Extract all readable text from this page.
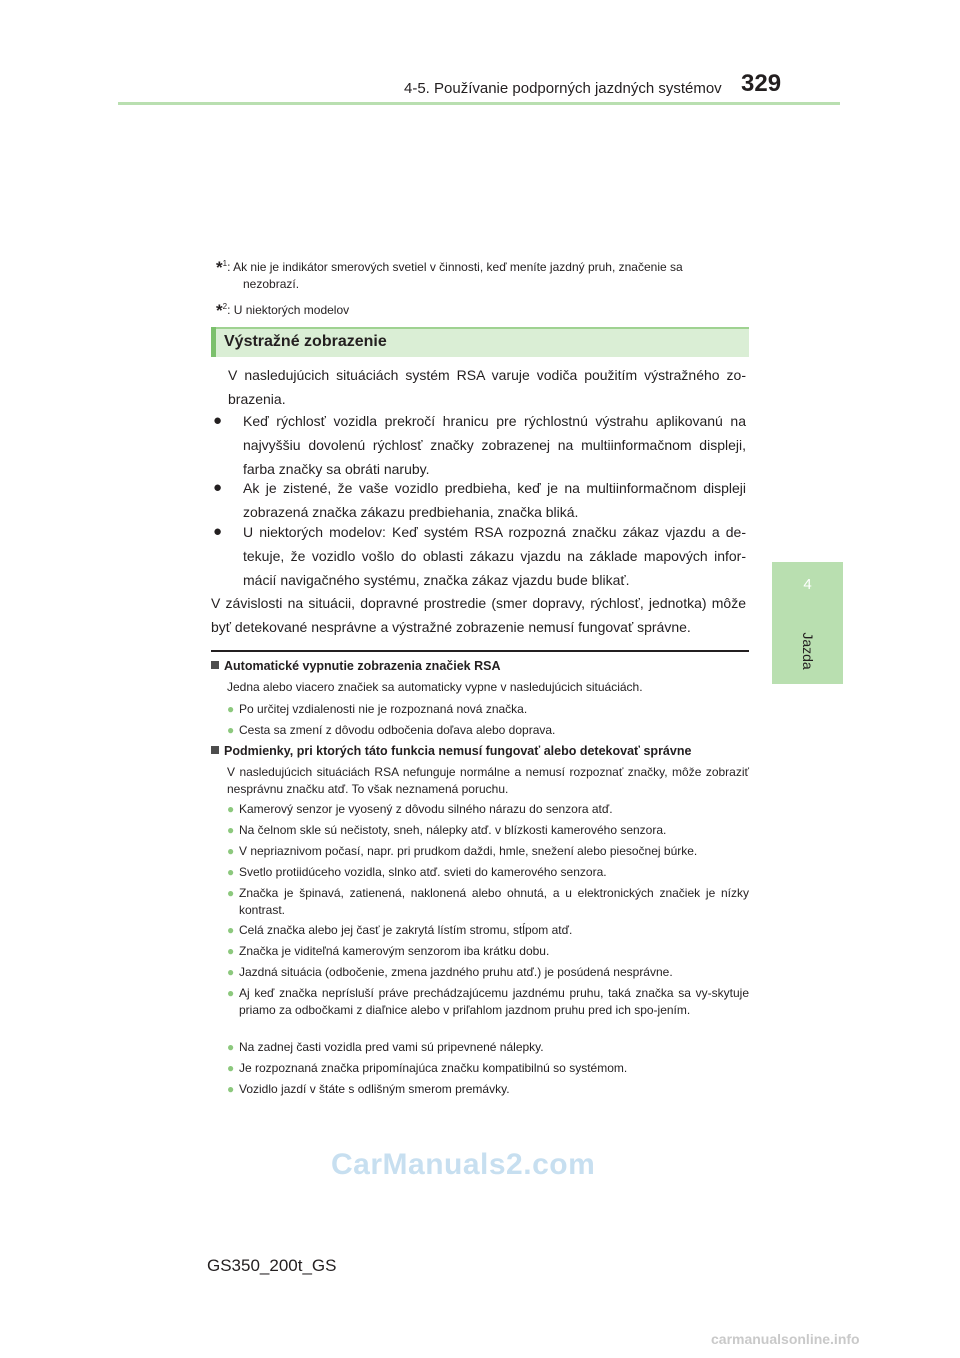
4-5. Používanie podporných jazdných systémov 329
4
Jazda
*$^1$: Ak nie je indikátor smerových svetiel v činnosti, keď meníte jazdný pruh, značenie sa
nezobrazí.
*$^2$: U niektorých modelov
Výstražné zobrazenie
V nasledujúcich situáciách systém RSA varuje vodiča použitím výstražného zo-brazenia.
● Keď rýchlosť vozidla prekročí hranicu pre rýchlostnú výstrahu aplikovanú na najvyššiu dovolenú rýchlosť značky zobrazenej na multiinformačnom displeji, farba značky sa obráti naruby.
● Ak je zistené, že vaše vozidlo predbieha, keď je na multiinformačnom displeji zobrazená značka zákazu predbiehania, značka bliká.
● U niektorých modelov: Keď systém RSA rozpozná značku zákaz vjazdu a de-tekuje, že vozidlo vošlo do oblasti zákazu vjazdu na základe mapových infor-mácií navigačného systému, značka zákaz vjazdu bude blikať.
V závislosti na situácii, dopravné prostredie (smer dopravy, rýchlosť, jednotka) môže byť detekované nesprávne a výstražné zobrazenie nemusí fungovať správne.
Automatické vypnutie zobrazenia značiek RSA
Jedna alebo viacero značiek sa automaticky vypne v nasledujúcich situáciách.
● Po určitej vzdialenosti nie je rozpoznaná nová značka.
● Cesta sa zmení z dôvodu odbočenia doľava alebo doprava.
Podmienky, pri ktorých táto funkcia nemusí fungovať alebo detekovať správne
V nasledujúcich situáciách RSA nefunguje normálne a nemusí rozpoznať značky, môže zobraziť nesprávnu značku atď. To však neznamená poruchu.
● Kamerový senzor je vyosený z dôvodu silného nárazu do senzora atď.
● Na čelnom skle sú nečistoty, sneh, nálepky atď. v blízkosti kamerového senzora.
● V nepriaznivom počasí, napr. pri prudkom daždi, hmle, snežení alebo piesočnej búrke.
● Svetlo protiidúceho vozidla, slnko atď. svieti do kamerového senzora.
● Značka je špinavá, zatienená, naklonená alebo ohnutá, a u elektronických značiek je nízky kontrast.
● Celá značka alebo jej časť je zakrytá lístím stromu, stĺpom atď.
● Značka je viditeľná kamerovým senzorom iba krátku dobu.
● Jazdná situácia (odbočenie, zmena jazdného pruhu atď.) je posúdená nesprávne.
● Aj keď značka neprísluší práve prechádzajúcemu jazdnému pruhu, taká značka sa vy-skytuje priamo za odbočkami z diaľnice alebo v priľahlom jazdnom pruhu pred ich spo-jením.
● Na zadnej časti vozidla pred vami sú pripevnené nálepky.
● Je rozpoznaná značka pripomínajúca značku kompatibilnú so systémom.
● Vozidlo jazdí v štáte s odlišným smerom premávky.
CarManuals2.com
GS350_200t_GS
carmanualsonline.info
